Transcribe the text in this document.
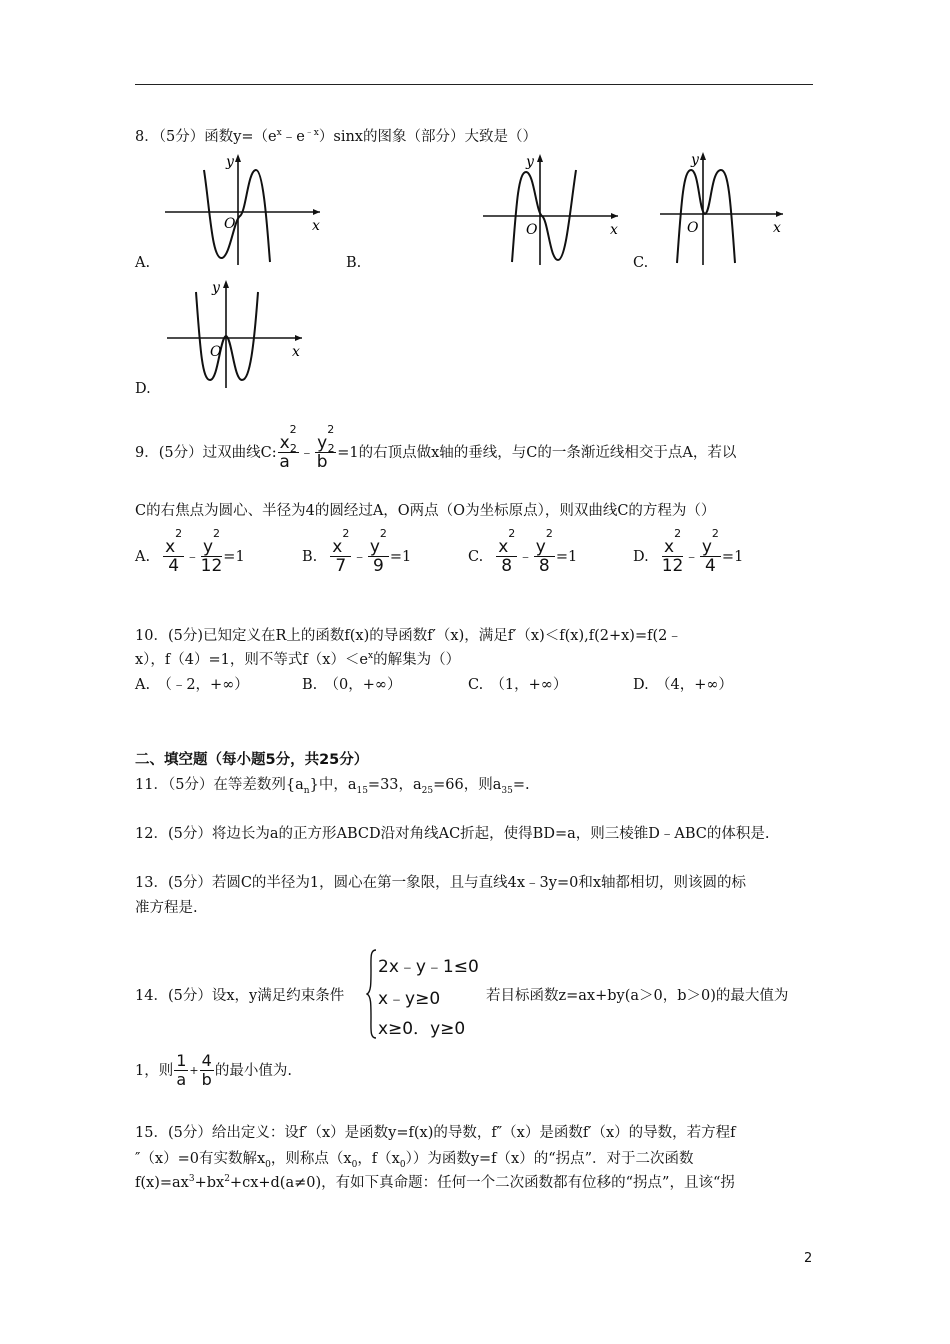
8．（5分）函数$y=(e^x﹣e^{﹣x})\sin x$的图象（部分）大致是（）
y
x
O
A.
y
x
O
B.
y
x
O
C.
y
x
O
D.
9．(5分）过双曲线C: $\frac{x^2}{a^2}$ ﹣ $\frac{y^2}{b^2} =1$的右顶点做x轴的垂线，与C的一条渐近线相交于点A，若以
C的右焦点为圆心、半径为4的圆经过A，O两点（O为坐标原点），则双曲线C的方程为（）
A. $\frac{x^2}{4}$ ﹣ $\frac{y^2}{12} =1$	B. $\frac{x^2}{7}$ ﹣ $\frac{y^2}{9} =1$	C. $\frac{x^2}{8}$ ﹣ $\frac{y^2}{8} =1$	D. $\frac{x^2}{12}$ ﹣ $\frac{y^2}{4} =1$
10．(5分)已知定义在R上的函数f(x)的导函数f′（x)，满足f′（x)＜f(x),f(2+x)=f(2﹣
x），f（4）=1，则不等式$f(x)<e^x$的解集为（）
A.　（﹣2，+∞）	B.　（0，+∞）	C.　（1，+∞）	D.　（4，+∞）
二、填空题（每小题5分，共25分）
11．（5分）在等差数列$\{a_n\}$中，$a_{15}=33$，$a_{25}=66$，则$a_{35}=$.
12．(5分）将边长为a的正方形ABCD沿对角线AC折起，使得BD=a，则三棱锥D﹣ABC的体积是.
13．(5分）若圆C的半径为1，圆心在第一象限，且与直线4x﹣3y=0和x轴都相切，则该圆的标
准方程是.
14．(5分）设x，y满足约束条件
2x﹣y﹣1≤0
x﹣y≥0
x≥0．y≥0
若目标函数z=ax+by(a＞0，b＞0)的最大值为
1，则 $\frac{1}{a} + \frac{4}{b}$ 的最小值为.
15．(5分）给出定义：设f′（x）是函数y=f(x)的导数，f″（x）是函数f′（x）的导数，若方程f
″（x）=0有实数解$x_0$，则称点（$x_0$，$f(x_0)$）为函数y=f（x）的“拐点”．对于二次函数
$f(x)=ax^3+bx^2+cx+d(a\ne 0)$，有如下真命题：任何一个二次函数都有位移的“拐点”，且该“拐
2
